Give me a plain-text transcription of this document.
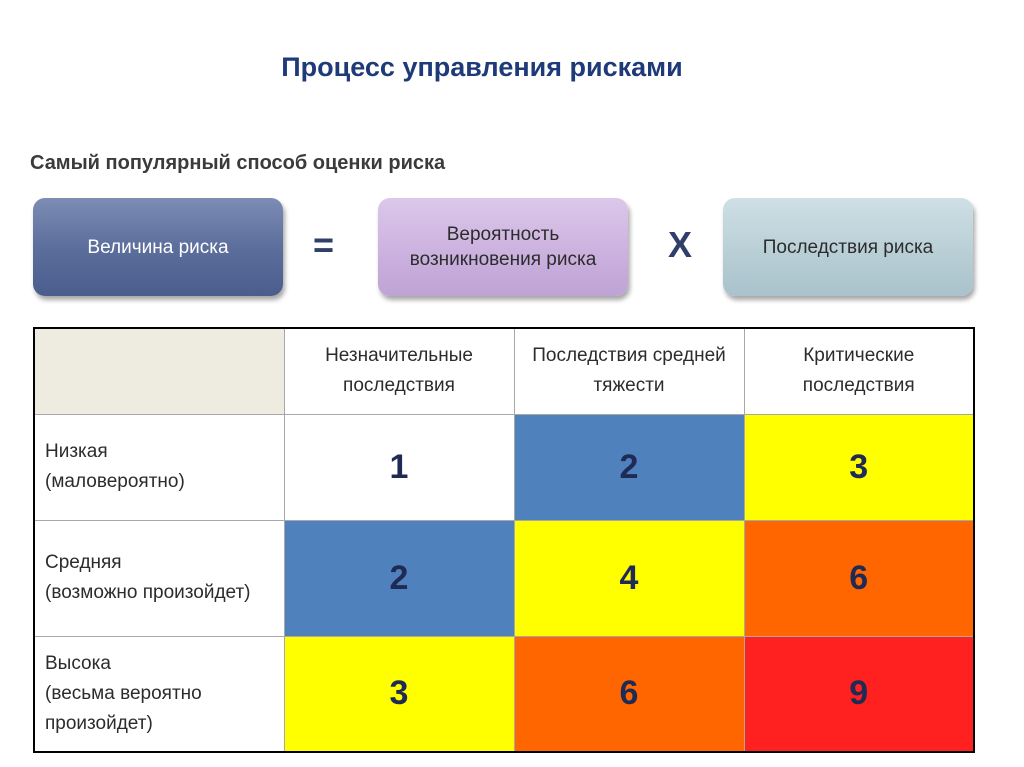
Процесс управления рисками
Самый популярный способ оценки риска
Величина риска =	Вероятность возникновения риска	Х	Последствия риска
	Незначительные последствия	Последствия средней тяжести	Критические последствия

Низкая
(маловероятно)	1	2	3

Средняя
(возможно произойдет)	2	4	6

Высока
(весьма вероятно произойдет)	3	6	9
